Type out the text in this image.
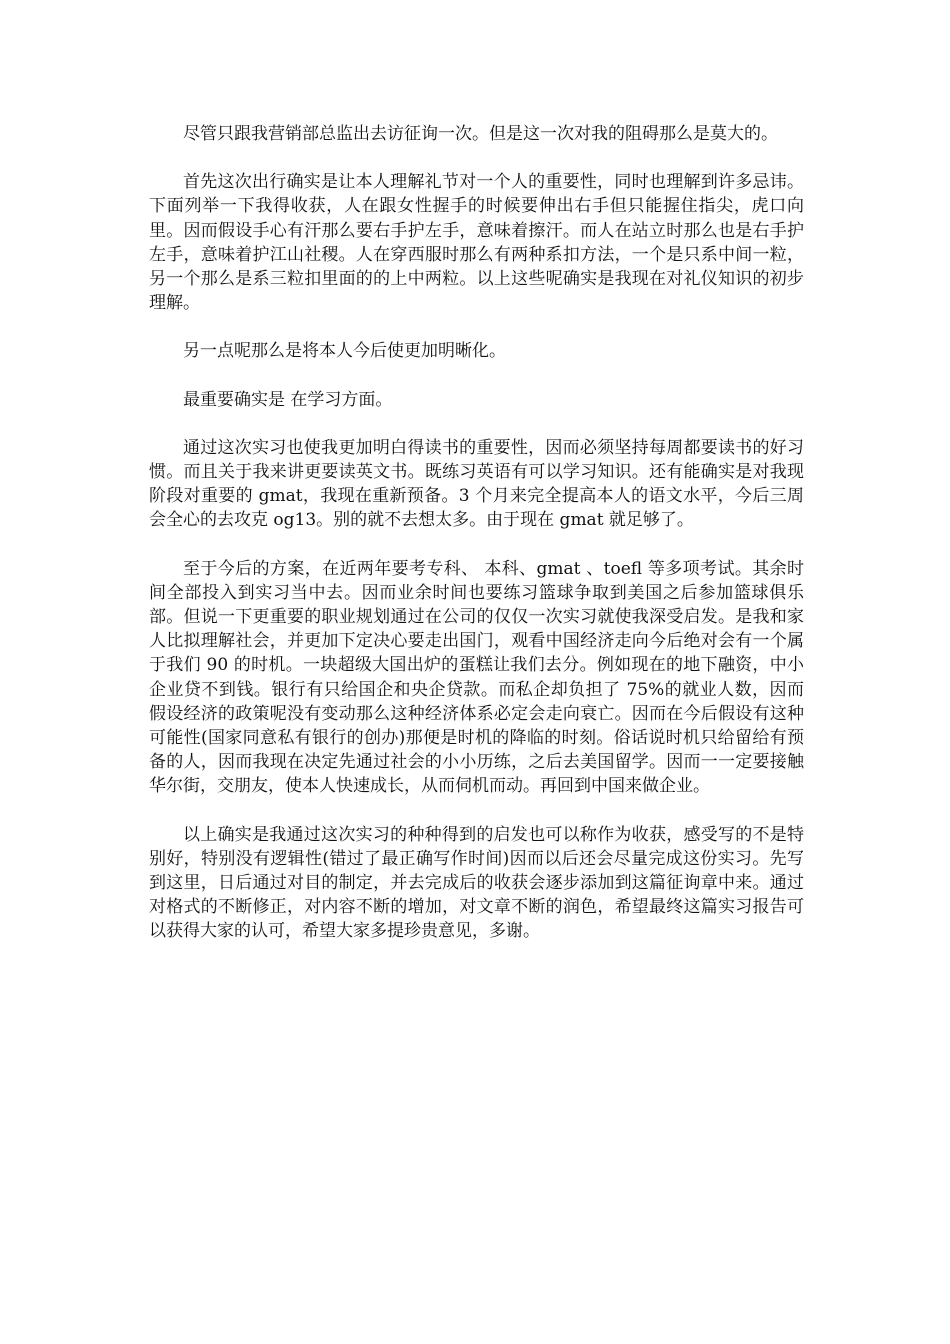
尽管只跟我营销部总监出去访征询一次。但是这一次对我的阻碍那么是莫大的。

首先这次出行确实是让本人理解礼节对一个人的重要性，同时也理解到许多忌讳。下面列举一下我得收获，人在跟女性握手的时候要伸出右手但只能握住指尖，虎口向里。因而假设手心有汗那么要右手护左手，意味着擦汗。而人在站立时那么也是右手护左手，意味着护江山社稷。人在穿西服时那么有两种系扣方法，一个是只系中间一粒，另一个那么是系三粒扣里面的的上中两粒。以上这些呢确实是我现在对礼仪知识的初步理解。

另一点呢那么是将本人今后使更加明晰化。

最重要确实是 在学习方面。

通过这次实习也使我更加明白得读书的重要性，因而必须坚持每周都要读书的好习惯。而且关于我来讲更要读英文书。既练习英语有可以学习知识。还有能确实是对我现阶段对重要的 gmat，我现在重新预备。3 个月来完全提高本人的语文水平，今后三周会全心的去攻克 og13。别的就不去想太多。由于现在 gmat 就足够了。

至于今后的方案，在近两年要考专科、 本科、gmat 、toefl 等多项考试。其余时间全部投入到实习当中去。因而业余时间也要练习篮球争取到美国之后参加篮球俱乐部。但说一下更重要的职业规划通过在公司的仅仅一次实习就使我深受启发。是我和家人比拟理解社会，并更加下定决心要走出国门，观看中国经济走向今后绝对会有一个属于我们 90 的时机。一块超级大国出炉的蛋糕让我们去分。例如现在的地下融资，中小企业贷不到钱。银行有只给国企和央企贷款。而私企却负担了 75%的就业人数，因而假设经济的政策呢没有变动那么这种经济体系必定会走向衰亡。因而在今后假设有这种可能性(国家同意私有银行的创办)那便是时机的降临的时刻。俗话说时机只给留给有预备的人，因而我现在决定先通过社会的小小历练，之后去美国留学。因而一一定要接触华尔街，交朋友，使本人快速成长，从而伺机而动。再回到中国来做企业。

以上确实是我通过这次实习的种种得到的启发也可以称作为收获，感受写的不是特别好，特别没有逻辑性(错过了最正确写作时间)因而以后还会尽量完成这份实习。先写到这里，日后通过对目的制定，并去完成后的收获会逐步添加到这篇征询章中来。通过对格式的不断修正，对内容不断的增加，对文章不断的润色，希望最终这篇实习报告可以获得大家的认可，希望大家多提珍贵意见，多谢。
